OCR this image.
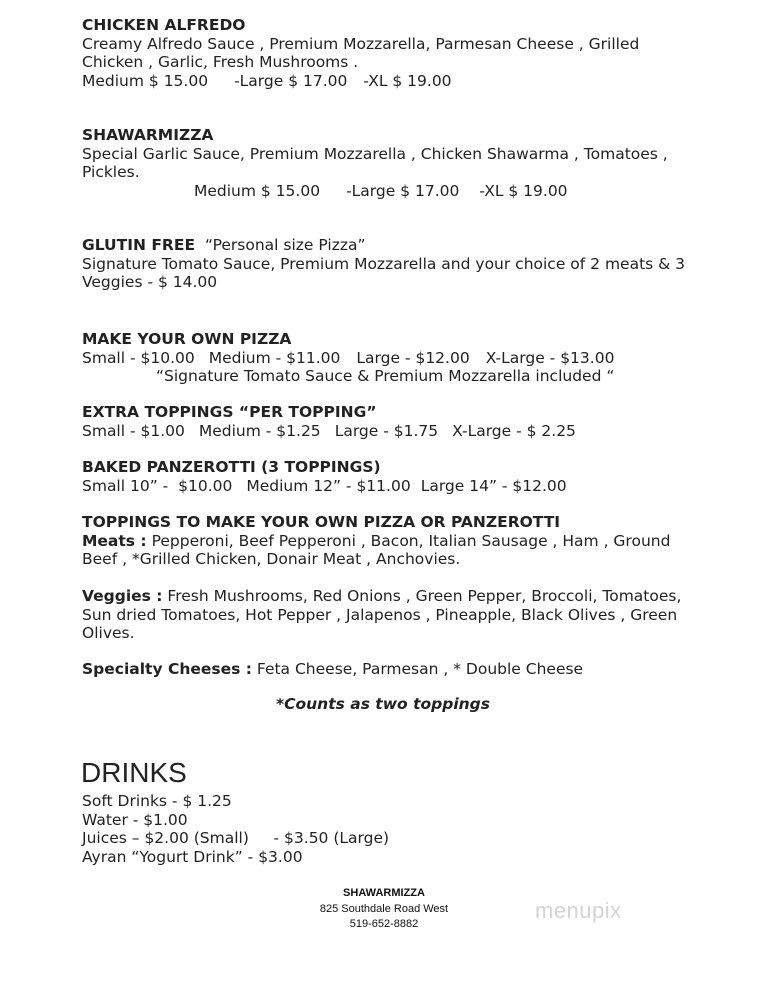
CHICKEN ALFREDO
Creamy Alfredo Sauce , Premium Mozzarella, Parmesan Cheese , Grilled
Chicken , Garlic, Fresh Mushrooms .
Medium $ 15.00 -Large $ 17.00 -XL $ 19.00
SHAWARMIZZA
Special Garlic Sauce, Premium Mozzarella , Chicken Shawarma , Tomatoes ,
Pickles.
Medium $ 15.00 -Large $ 17.00 -XL $ 19.00
GLUTIN FREE “Personal size Pizza”
Signature Tomato Sauce, Premium Mozzarella and your choice of 2 meats & 3
Veggies - $ 14.00
MAKE YOUR OWN PIZZA
Small - $10.00 Medium - $11.00 Large - $12.00 X-Large - $13.00
“Signature Tomato Sauce & Premium Mozzarella included “
EXTRA TOPPINGS “PER TOPPING”
Small - $1.00 Medium - $1.25 Large - $1.75 X-Large - $ 2.25
BAKED PANZEROTTI (3 TOPPINGS)
Small 10” -  $10.00 Medium 12” - $11.00 Large 14” - $12.00
TOPPINGS TO MAKE YOUR OWN PIZZA OR PANZEROTTI
Meats : Pepperoni, Beef Pepperoni , Bacon, Italian Sausage , Ham , Ground
Beef , *Grilled Chicken, Donair Meat , Anchovies.
Veggies : Fresh Mushrooms, Red Onions , Green Pepper, Broccoli, Tomatoes,
Sun dried Tomatoes, Hot Pepper , Jalapenos , Pineapple, Black Olives , Green
Olives.
Specialty Cheeses : Feta Cheese, Parmesan , * Double Cheese
*Counts as two toppings
DRINKS
Soft Drinks - $ 1.25
Water - $1.00
Juices – $2.00 (Small)     - $3.50 (Large)
Ayran “Yogurt Drink” - $3.00
SHAWARMIZZA
825 Southdale Road West
519-652-8882
menupix
